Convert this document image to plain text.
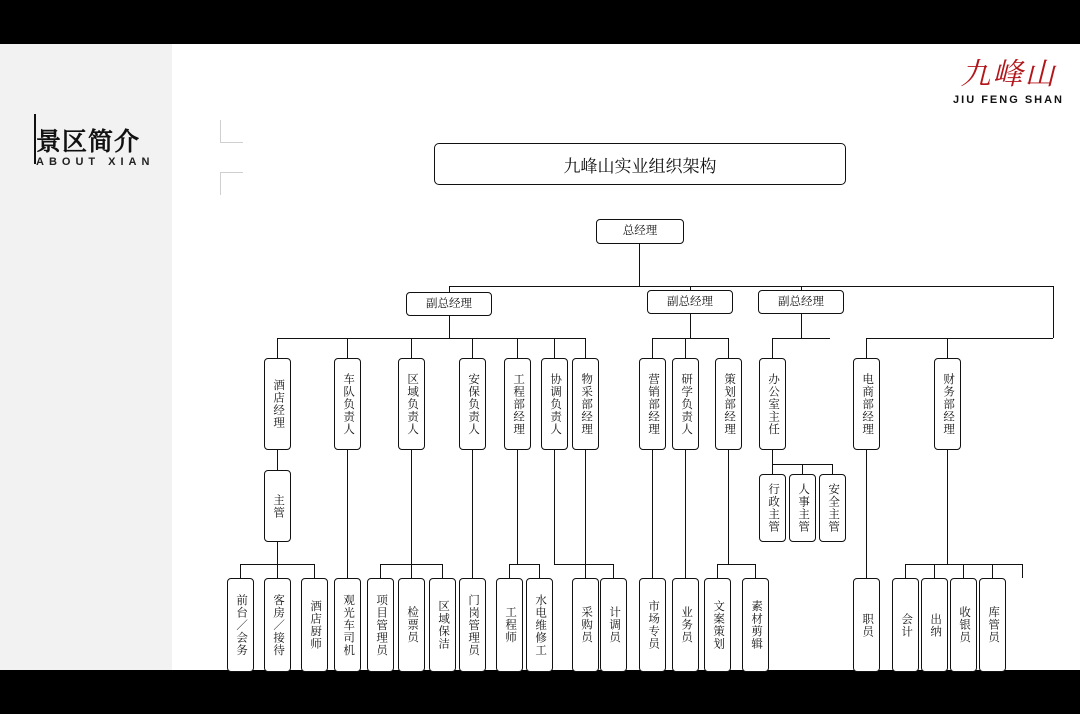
景区简介
ABOUT XIAN
九峰山
JIU FENG SHAN
九峰山实业组织架构
总经理
副总经理	副总经理	副总经理
酒店经理	车队负责人	区域负责人	安保负责人	工程部经理 协调负责人 物采部经理	营销部经理 研学负责人	策划部经理	办公室主任	电商部经理	财务部经理
主管	行政主管 人事主管 安全主管
前台／会务 客房／接待 酒店厨师 观光车司机 项目管理员 检票员 区域保洁 门岗管理员 工程师 水电维修工	采购员 计调员 市场专员 业务员 文案策划 素材剪辑	职员 会计 出纳 收银员 库管员
